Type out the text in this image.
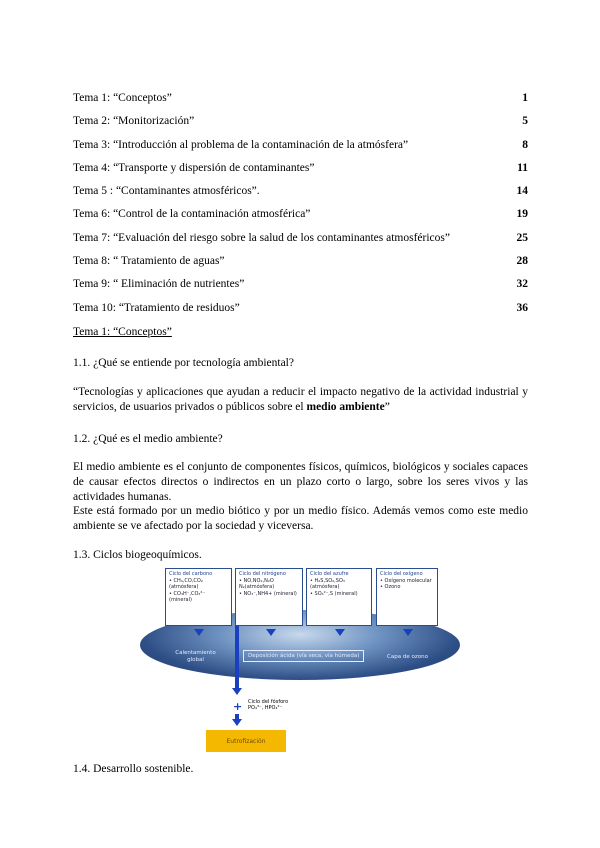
Tema 1: “Conceptos”	1
Tema 2: “Monitorización”	5
Tema 3: “Introducción al problema de la contaminación de la atmósfera”	8
Tema 4: “Transporte y dispersión de contaminantes”	11
Tema 5 : “Contaminantes atmosféricos”.	14
Tema 6: “Control de la contaminación atmosférica”	19
Tema 7: “Evaluación del riesgo sobre la salud de los contaminantes atmosféricos”	25
Tema 8: “ Tratamiento de aguas”	28
Tema 9: “ Eliminación de nutrientes”	32
Tema 10: “Tratamiento de residuos”	36
Tema 1: “Conceptos”
1.1. ¿Qué se entiende por tecnología ambiental?
“Tecnologías y aplicaciones que ayudan a reducir el impacto negativo de la actividad industrial y servicios, de usuarios privados o públicos sobre el medio ambiente”
1.2. ¿Qué es el medio ambiente?
El medio ambiente es el conjunto de componentes físicos, químicos, biológicos y sociales capaces de causar efectos directos o indirectos en un plazo corto o largo, sobre los seres vivos y las actividades humanas.
Este está formado por un medio biótico y por un medio físico. Además vemos como este medio ambiente se ve afectado por la sociedad y viceversa.
1.3. Ciclos biogeoquímicos.
Ciclo del carbono
• CH₄,CO,CO₂ (atmósfera)
• CO₃H⁻,CO₃²⁻ (mineral)
Ciclo del nitrógeno
• NO,NO₂,N₂O N₂(atmósfera)
• NO₃⁻,NH4+ (mineral)
Ciclo del azufre
• H₂S,SO₂,SO₃ (atmósfera)
• SO₄²⁻,S (mineral)
Ciclo del oxígeno
• Oxígeno molecular
• Ozono
Calentamiento global
Deposición ácida (vía seca, vía húmeda)	Capa de ozono
+ Ciclo del fósforo
PO₄³⁻, HPO₄²⁻
Eutrofización
1.4. Desarrollo sostenible.
